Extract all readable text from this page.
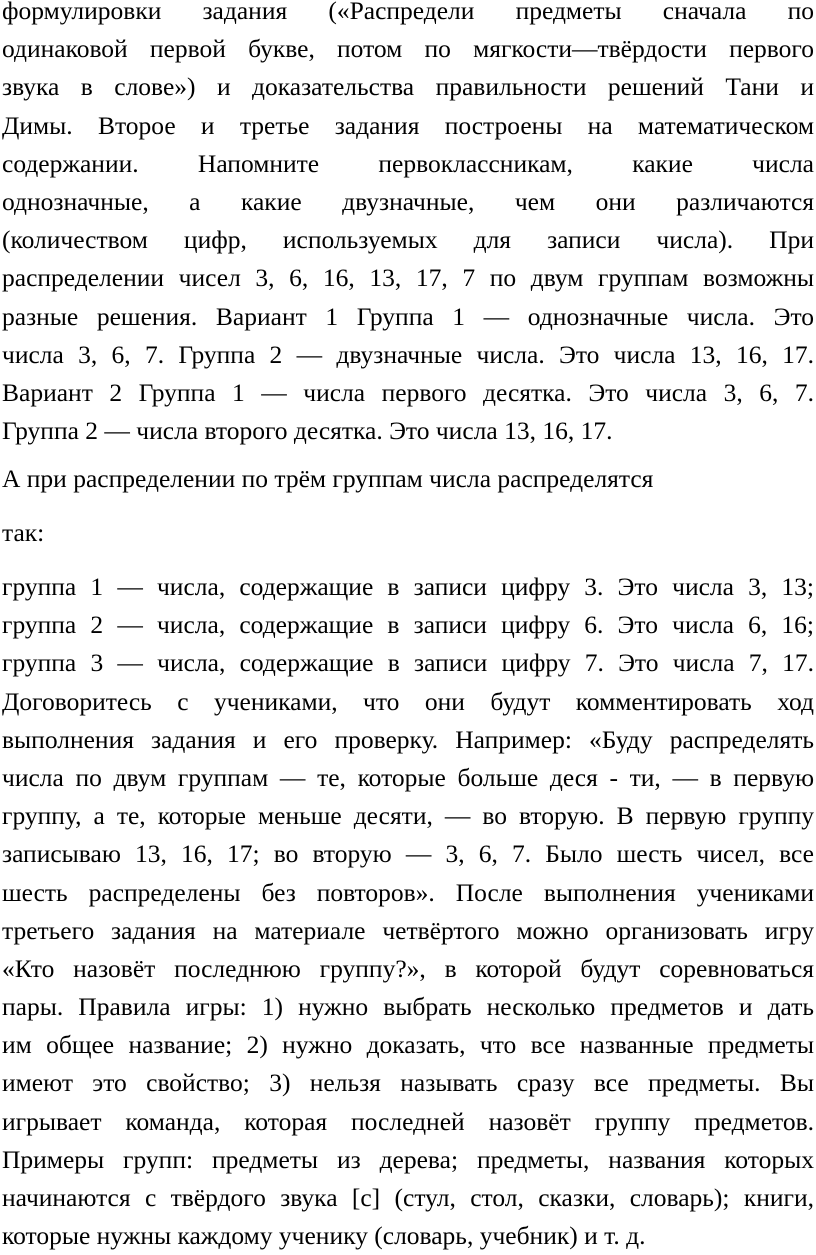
формулировки задания («Распредели предметы сначала по
одинаковой первой букве, потом по мягкости—твёрдости первого
звука в слове») и доказательства правильности решений Тани и
Димы. Второе и третье задания построены на математическом
содержании. Напомните первоклассникам, какие числа
однозначные, а какие двузначные, чем они различаются
(количеством цифр, используемых для записи числа). При
распределении чисел 3, 6, 16, 13, 17, 7 по двум группам возможны
разные решения. Вариант 1 Группа 1 — однозначные числа. Это
числа 3, 6, 7. Группа 2 — двузначные числа. Это числа 13, 16, 17.
Вариант 2 Группа 1 — числа первого десятка. Это числа 3, 6, 7.
Группа 2 — числа второго десятка. Это числа 13, 16, 17.
А при распределении по трём группам числа распределятся
так:
группа 1 — числа, содержащие в записи цифру 3. Это числа 3, 13;
группа 2 — числа, содержащие в записи цифру 6. Это числа 6, 16;
группа 3 — числа, содержащие в записи цифру 7. Это числа 7, 17.
Договоритесь с учениками, что они будут комментировать ход
выполнения задания и его проверку. Например: «Буду распределять
числа по двум группам — те, которые больше деся - ти, — в первую
группу, а те, которые меньше десяти, — во вторую. В первую группу
записываю 13, 16, 17; во вторую — 3, 6, 7. Было шесть чисел, все
шесть распределены без повторов». После выполнения учениками
третьего задания на материале четвёртого можно организовать игру
«Кто назовёт последнюю группу?», в которой будут соревноваться
пары. Правила игры: 1) нужно выбрать несколько предметов и дать
им общее название; 2) нужно доказать, что все названные предметы
имеют это свойство; 3) нельзя называть сразу все предметы. Вы
игрывает команда, которая последней назовёт группу предметов.
Примеры групп: предметы из дерева; предметы, названия которых
начинаются с твёрдого звука [с] (стул, стол, сказки, словарь); книги,
которые нужны каждому ученику (словарь, учебник) и т. д.
